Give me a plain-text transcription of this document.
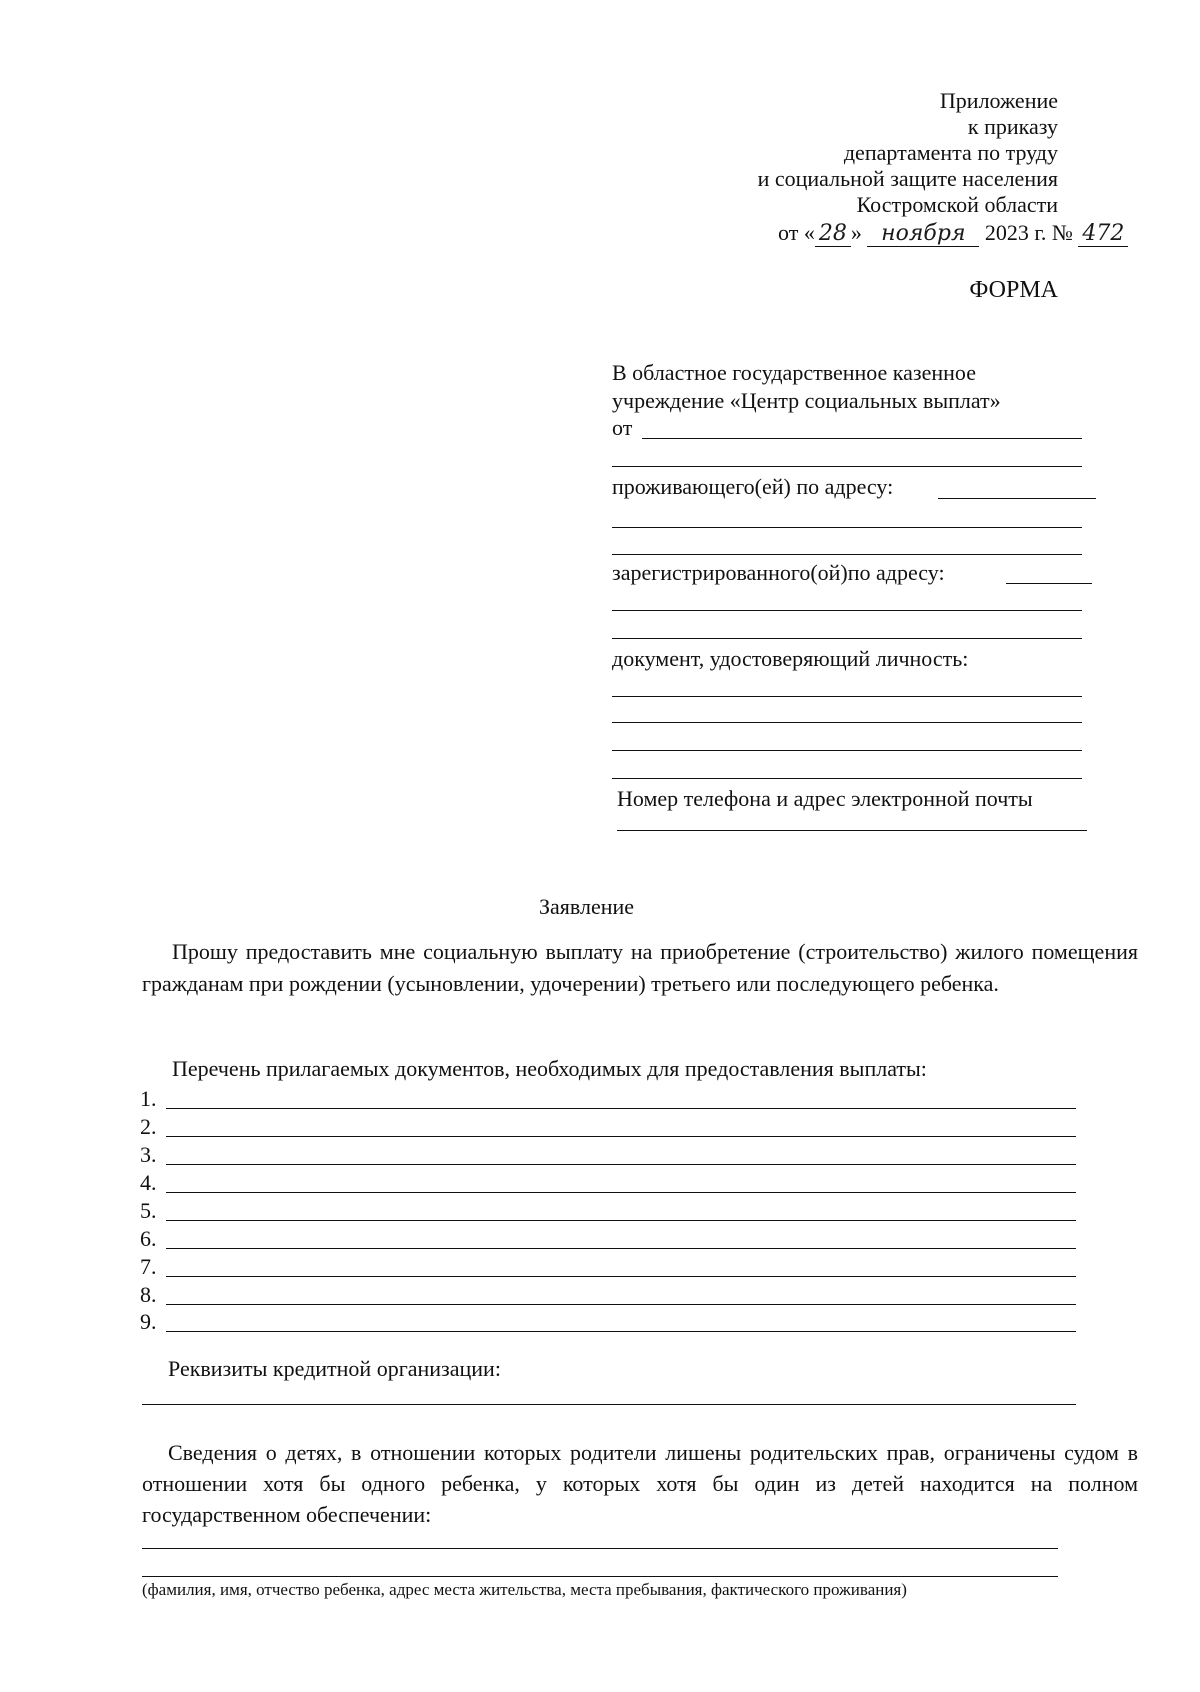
Приложение
к приказу
департамента по труду
и социальной защите населения
Костромской области
от « 28 » ноября 2023 г. № 472
ФОРМА
В областное государственное казенное
учреждение «Центр социальных выплат»
от
проживающего(ей) по адресу:
зарегистрированного(ой)по адресу:
документ, удостоверяющий личность:
Номер телефона и адрес электронной почты
Заявление
Прошу предоставить мне социальную выплату на приобретение (строительство) жилого помещения гражданам при рождении (усыновлении, удочерении) третьего или последующего ребенка.
Перечень прилагаемых документов, необходимых для предоставления выплаты:
1.
2.
3.
4.
5.
6.
7.
8.
9.
Реквизиты кредитной организации:
Сведения о детях, в отношении которых родители лишены родительских прав, ограничены судом в отношении хотя бы одного ребенка, у которых хотя бы один из детей находится на полном государственном обеспечении:
(фамилия, имя, отчество ребенка, адрес места жительства, места пребывания, фактического проживания)
